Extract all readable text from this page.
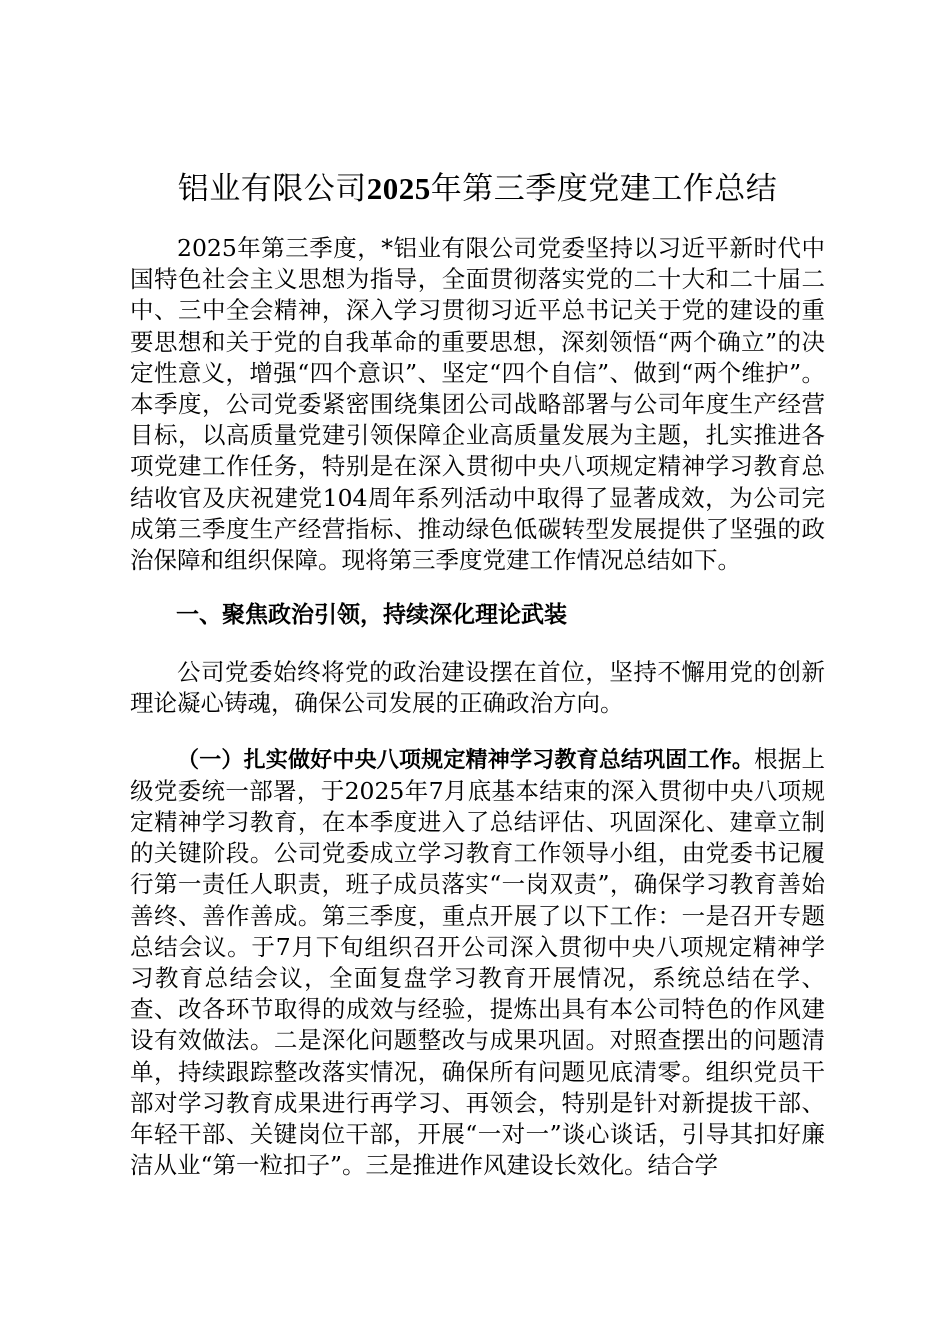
铝业有限公司2025年第三季度党建工作总结

2025年第三季度，*铝业有限公司党委坚持以习近平新时代中国特色社会主义思想为指导，全面贯彻落实党的二十大和二十届二中、三中全会精神，深入学习贯彻习近平总书记关于党的建设的重要思想和关于党的自我革命的重要思想，深刻领悟“两个确立”的决定性意义，增强“四个意识”、坚定“四个自信”、做到“两个维护”。本季度，公司党委紧密围绕集团公司战略部署与公司年度生产经营目标，以高质量党建引领保障企业高质量发展为主题，扎实推进各项党建工作任务，特别是在深入贯彻中央八项规定精神学习教育总结收官及庆祝建党104周年系列活动中取得了显著成效，为公司完成第三季度生产经营指标、推动绿色低碳转型发展提供了坚强的政治保障和组织保障。现将第三季度党建工作情况总结如下。

一、聚焦政治引领，持续深化理论武装

公司党委始终将党的政治建设摆在首位，坚持不懈用党的创新理论凝心铸魂，确保公司发展的正确政治方向。

（一）扎实做好中央八项规定精神学习教育总结巩固工作。根据上级党委统一部署，于2025年7月底基本结束的深入贯彻中央八项规定精神学习教育，在本季度进入了总结评估、巩固深化、建章立制的关键阶段。公司党委成立学习教育工作领导小组，由党委书记履行第一责任人职责，班子成员落实“一岗双责”，确保学习教育善始善终、善作善成。第三季度，重点开展了以下工作：一是召开专题总结会议。于7月下旬组织召开公司深入贯彻中央八项规定精神学习教育总结会议，全面复盘学习教育开展情况，系统总结在学、查、改各环节取得的成效与经验，提炼出具有本公司特色的作风建设有效做法。二是深化问题整改与成果巩固。对照查摆出的问题清单，持续跟踪整改落实情况，确保所有问题见底清零。组织党员干部对学习教育成果进行再学习、再领会，特别是针对新提拔干部、年轻干部、关键岗位干部，开展“一对一”谈心谈话，引导其扣好廉洁从业“第一粒扣子”。三是推进作风建设长效化。结合学
